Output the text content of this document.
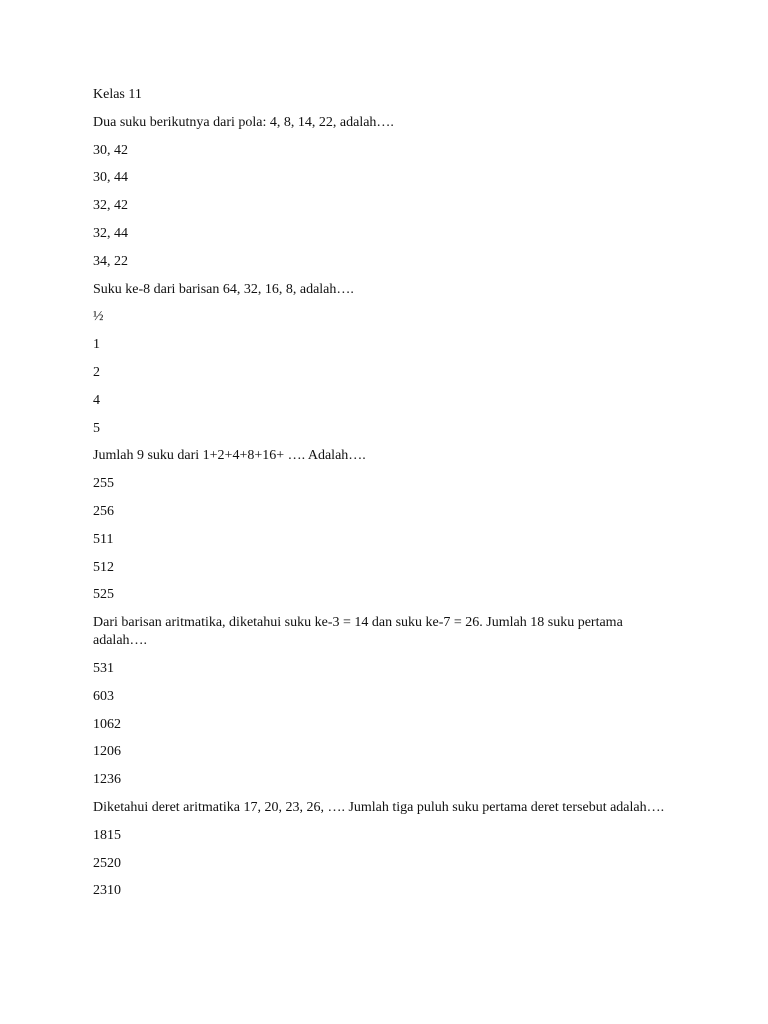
Kelas 11
Dua suku berikutnya dari pola: 4, 8, 14, 22, adalah….
30, 42
30, 44
32, 42
32, 44
34, 22
Suku ke-8 dari barisan 64, 32, 16, 8, adalah….
½
1
2
4
5
Jumlah 9 suku dari 1+2+4+8+16+ …. Adalah….
255
256
511
512
525
Dari barisan aritmatika, diketahui suku ke-3 = 14 dan suku ke-7 = 26. Jumlah 18 suku pertama adalah….
531
603
1062
1206
1236
Diketahui deret aritmatika 17, 20, 23, 26, …. Jumlah tiga puluh suku pertama deret tersebut adalah….
1815
2520
2310
